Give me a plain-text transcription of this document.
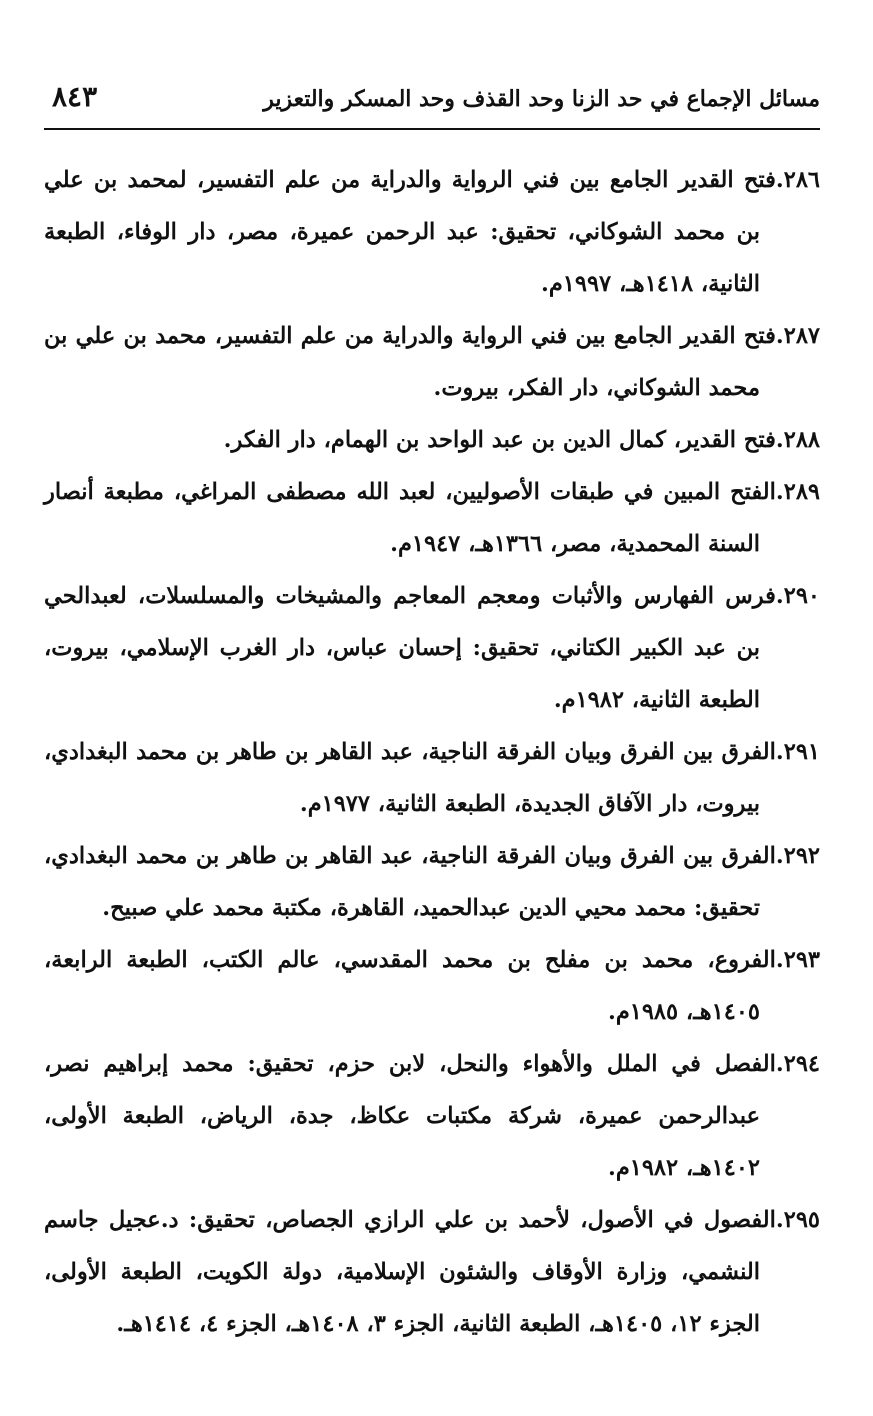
مسائل الإجماع في حد الزنا وحد القذف وحد المسكر والتعزير
٨٤٣

٢٨٦.فتح القدير الجامع بين فني الرواية والدراية من علم التفسير، لمحمد بن علي بن محمد الشوكاني، تحقيق: عبد الرحمن عميرة، مصر، دار الوفاء، الطبعة الثانية، ١٤١٨هـ، ١٩٩٧م.

٢٨٧.فتح القدير الجامع بين فني الرواية والدراية من علم التفسير، محمد بن علي بن محمد الشوكاني، دار الفكر، بيروت.

٢٨٨.فتح القدير، كمال الدين بن عبد الواحد بن الهمام، دار الفكر.

٢٨٩.الفتح المبين في طبقات الأصوليين، لعبد الله مصطفى المراغي، مطبعة أنصار السنة المحمدية، مصر، ١٣٦٦هـ، ١٩٤٧م.

٢٩٠.فرس الفهارس والأثبات ومعجم المعاجم والمشيخات والمسلسلات، لعبدالحي بن عبد الكبير الكتاني، تحقيق: إحسان عباس، دار الغرب الإسلامي، بيروت، الطبعة الثانية، ١٩٨٢م.

٢٩١.الفرق بين الفرق وبيان الفرقة الناجية، عبد القاهر بن طاهر بن محمد البغدادي، بيروت، دار الآفاق الجديدة، الطبعة الثانية، ١٩٧٧م.

٢٩٢.الفرق بين الفرق وبيان الفرقة الناجية، عبد القاهر بن طاهر بن محمد البغدادي، تحقيق: محمد محيي الدين عبدالحميد، القاهرة، مكتبة محمد علي صبيح.

٢٩٣.الفروع، محمد بن مفلح بن محمد المقدسي، عالم الكتب، الطبعة الرابعة، ١٤٠٥هـ، ١٩٨٥م.

٢٩٤.الفصل في الملل والأهواء والنحل، لابن حزم، تحقيق: محمد إبراهيم نصر، عبدالرحمن عميرة، شركة مكتبات عكاظ، جدة، الرياض، الطبعة الأولى، ١٤٠٢هـ، ١٩٨٢م.

٢٩٥.الفصول في الأصول، لأحمد بن علي الرازي الجصاص، تحقيق: د.عجيل جاسم النشمي، وزارة الأوقاف والشئون الإسلامية، دولة الكويت، الطبعة الأولى، الجزء ١٢، ١٤٠٥هـ، الطبعة الثانية، الجزء ٣، ١٤٠٨هـ، الجزء ٤، ١٤١٤هـ.
